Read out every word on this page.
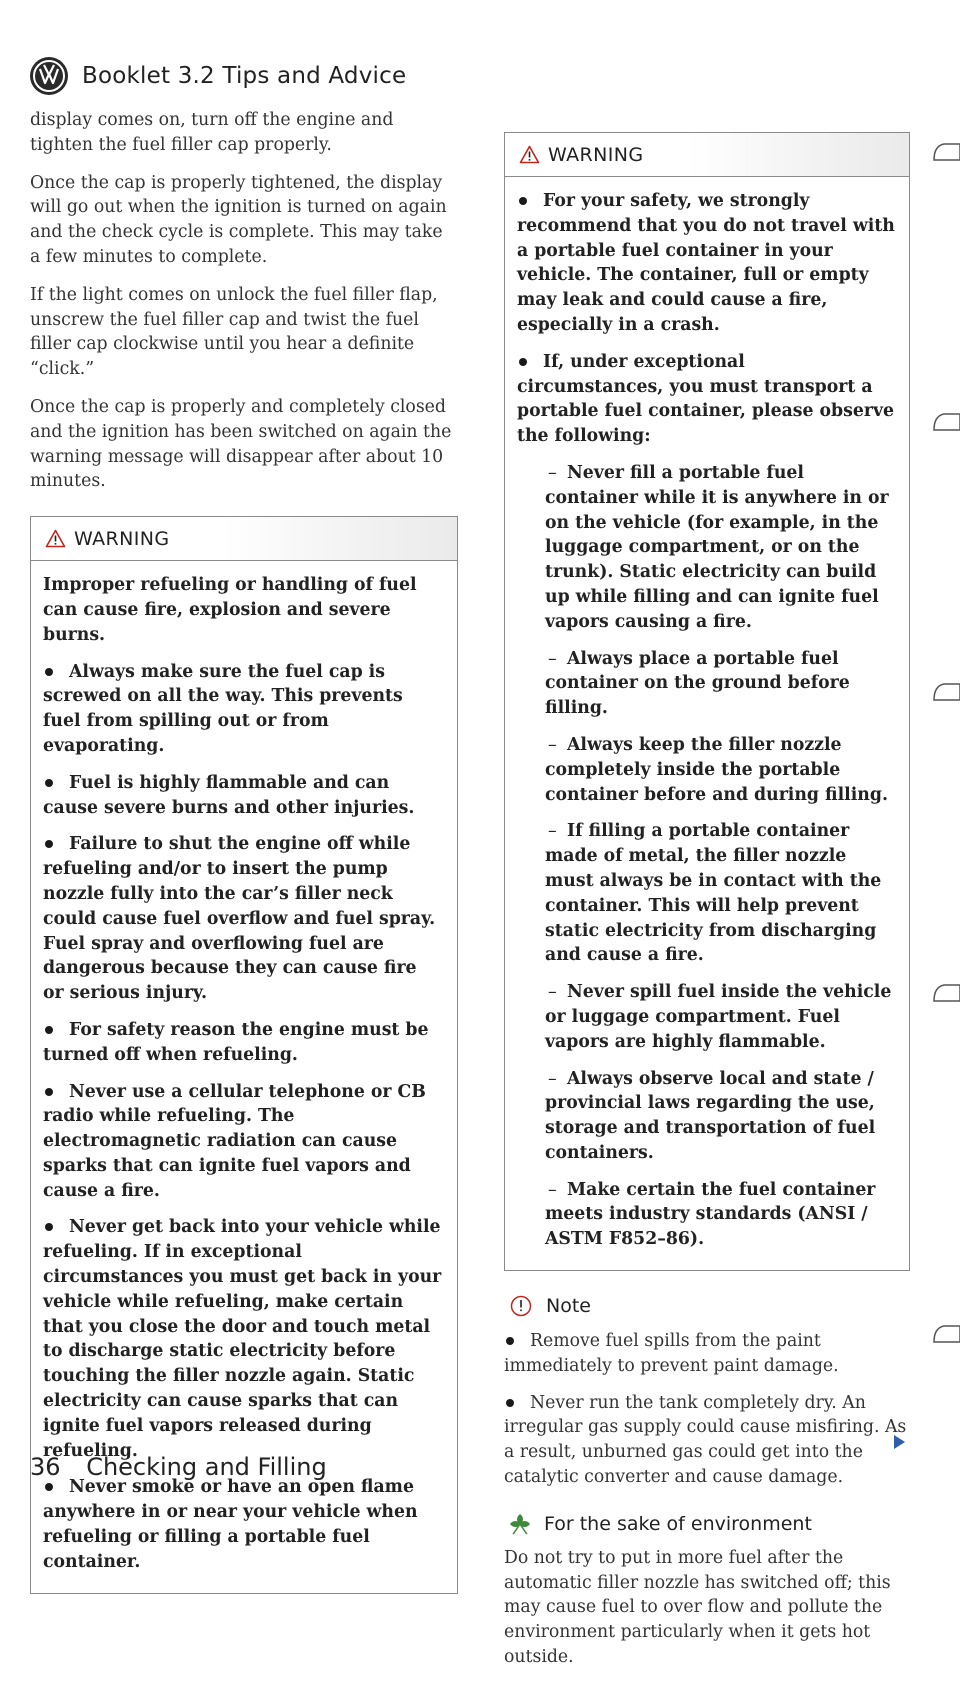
Booklet 3.2 Tips and Advice

display comes on, turn off the engine and tighten the fuel filler cap properly.

Once the cap is properly tightened, the display will go out when the ignition is turned on again and the check cycle is complete. This may take a few minutes to complete.

If the light comes on unlock the fuel filler flap, unscrew the fuel filler cap and twist the fuel filler cap clockwise until you hear a definite “click.”

Once the cap is properly and completely closed and the ignition has been switched on again the warning message will disappear after about 10 minutes.

WARNING

Improper refueling or handling of fuel can cause fire, explosion and severe burns.

Always make sure the fuel cap is screwed on all the way. This prevents fuel from spilling out or from evaporating.

Fuel is highly flammable and can cause severe burns and other injuries.

Failure to shut the engine off while refueling and/or to insert the pump nozzle fully into the car’s filler neck could cause fuel overflow and fuel spray. Fuel spray and overflowing fuel are dangerous because they can cause fire or serious injury.

For safety reason the engine must be turned off when refueling.

Never use a cellular telephone or CB radio while refueling. The electromagnetic radiation can cause sparks that can ignite fuel vapors and cause a fire.

Never get back into your vehicle while refueling. If in exceptional circumstances you must get back in your vehicle while refueling, make certain that you close the door and touch metal to discharge static electricity before touching the filler nozzle again. Static electricity can cause sparks that can ignite fuel vapors released during refueling.

Never smoke or have an open flame anywhere in or near your vehicle when refueling or filling a portable fuel container.

WARNING

For your safety, we strongly recommend that you do not travel with a portable fuel container in your vehicle. The container, full or empty may leak and could cause a fire, especially in a crash.

If, under exceptional circumstances, you must transport a portable fuel container, please observe the following:

– Never fill a portable fuel container while it is anywhere in or on the vehicle (for example, in the luggage compartment, or on the trunk). Static electricity can build up while filling and can ignite fuel vapors causing a fire.

– Always place a portable fuel container on the ground before filling.

– Always keep the filler nozzle completely inside the portable container before and during filling.

– If filling a portable container made of metal, the filler nozzle must always be in contact with the container. This will help prevent static electricity from discharging and cause a fire.

– Never spill fuel inside the vehicle or luggage compartment. Fuel vapors are highly flammable.

– Always observe local and state / provincial laws regarding the use, storage and transportation of fuel containers.

– Make certain the fuel container meets industry standards (ANSI / ASTM F852–86).

Note

Remove fuel spills from the paint immediately to prevent paint damage.

Never run the tank completely dry. An irregular gas supply could cause misfiring. As a result, unburned gas could get into the catalytic converter and cause damage.

For the sake of environment

Do not try to put in more fuel after the automatic filler nozzle has switched off; this may cause fuel to over flow and pollute the environment particularly when it gets hot outside.

36 Checking and Filling
